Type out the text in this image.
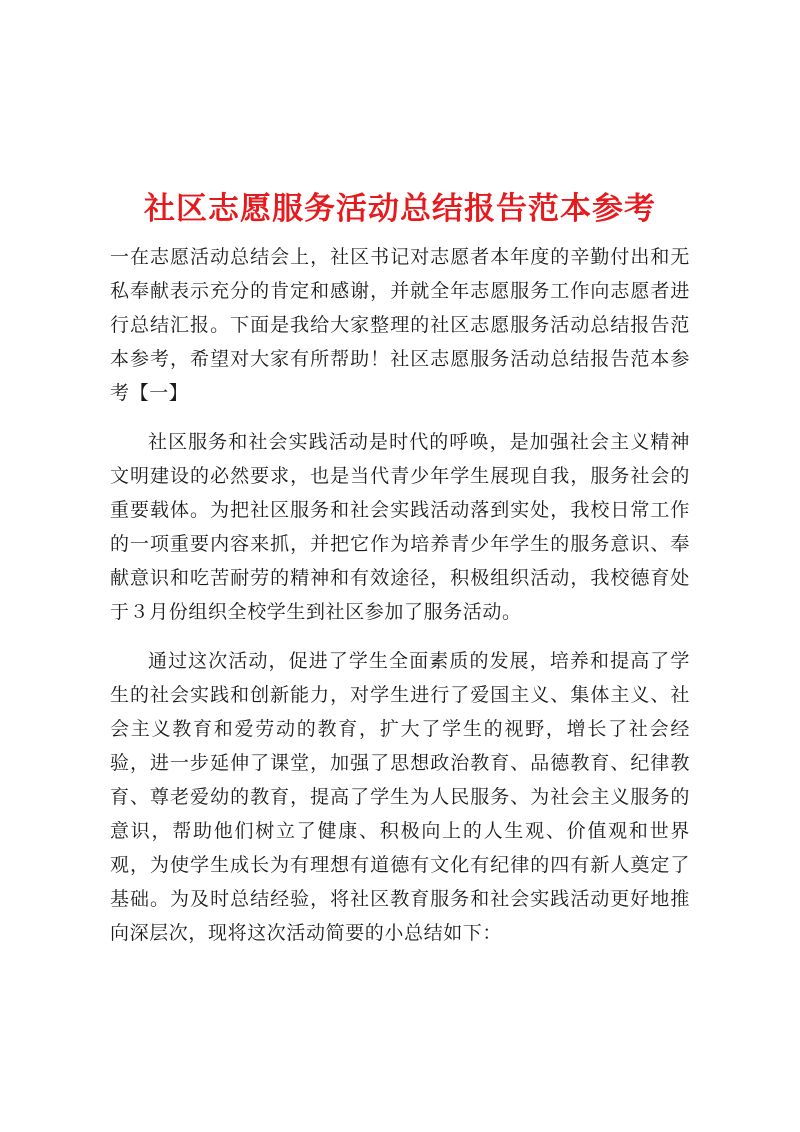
社区志愿服务活动总结报告范本参考

一在志愿活动总结会上，社区书记对志愿者本年度的辛勤付出和无私奉献表示充分的肯定和感谢，并就全年志愿服务工作向志愿者进行总结汇报。下面是我给大家整理的社区志愿服务活动总结报告范本参考，希望对大家有所帮助！社区志愿服务活动总结报告范本参考【一】

社区服务和社会实践活动是时代的呼唤，是加强社会主义精神文明建设的必然要求，也是当代青少年学生展现自我，服务社会的重要载体。为把社区服务和社会实践活动落到实处，我校日常工作的一项重要内容来抓，并把它作为培养青少年学生的服务意识、奉献意识和吃苦耐劳的精神和有效途径，积极组织活动，我校德育处于３月份组织全校学生到社区参加了服务活动。

通过这次活动，促进了学生全面素质的发展，培养和提高了学生的社会实践和创新能力，对学生进行了爱国主义、集体主义、社会主义教育和爱劳动的教育，扩大了学生的视野，增长了社会经验，进一步延伸了课堂，加强了思想政治教育、品德教育、纪律教育、尊老爱幼的教育，提高了学生为人民服务、为社会主义服务的意识，帮助他们树立了健康、积极向上的人生观、价值观和世界观，为使学生成长为有理想有道德有文化有纪律的四有新人奠定了基础。为及时总结经验，将社区教育服务和社会实践活动更好地推向深层次，现将这次活动简要的小总结如下：
